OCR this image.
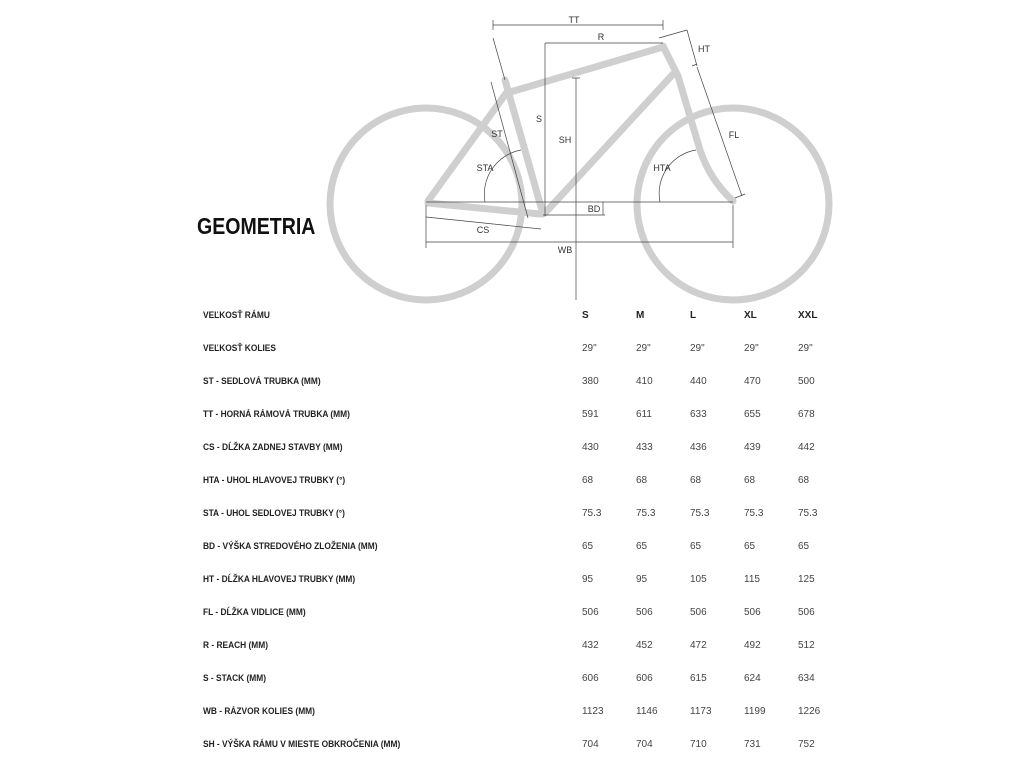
TT
R
HT
FL
S
SH
ST
STA	HTA
BD
CS
WB
GEOMETRIA
VEĽKOSŤ RÁMU	S	M	L	XL	XXL
VEĽKOSŤ KOLIES	29"	29"	29"	29"	29"
ST - SEDLOVÁ TRUBKA (MM)	380	410	440	470	500
TT - HORNÁ RÁMOVÁ TRUBKA (MM)	591	611	633	655	678
CS - DĹŽKA ZADNEJ STAVBY (MM)	430	433	436	439	442
HTA - UHOL HLAVOVEJ TRUBKY (°)	68	68	68	68	68
STA - UHOL SEDLOVEJ TRUBKY (°)	75.3	75.3	75.3	75.3	75.3
BD - VÝŠKA STREDOVÉHO ZLOŽENIA (MM)	65	65	65	65	65
HT - DĹŽKA HLAVOVEJ TRUBKY (MM)	95	95	105	115	125
FL - DĹŽKA VIDLICE (MM)	506	506	506	506	506
R - REACH (MM)	432	452	472	492	512
S - STACK (MM)	606	606	615	624	634
WB - RÁZVOR KOLIES (MM)	1123	1146	1173	1199	1226
SH - VÝŠKA RÁMU V MIESTE OBKROČENIA (MM)	704	704	710	731	752
